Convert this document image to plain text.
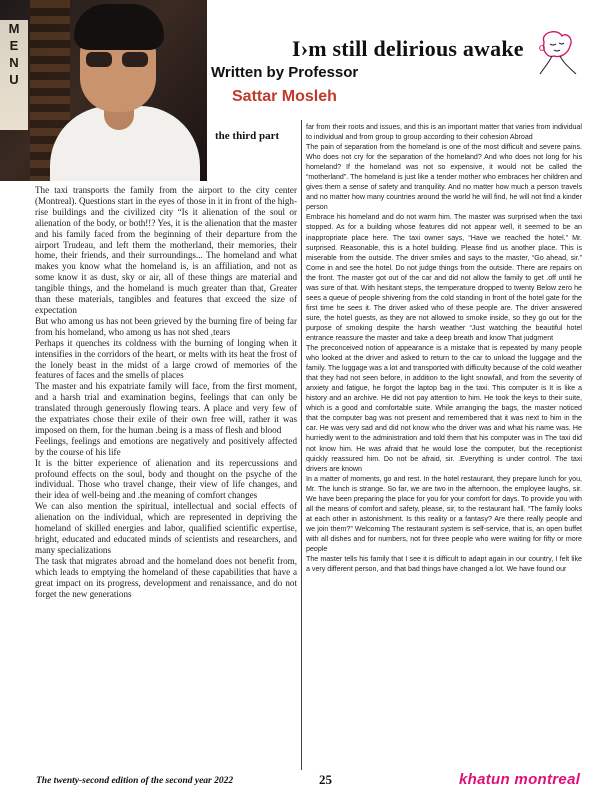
M
E
N
U
I›m still delirious awake
Written by Professor
Sattar Mosleh
the third part

The taxi transports the family from the airport to the city center (Montreal). Questions start in the eyes of those in it in front of the high-rise buildings and the civilized city “Is it alienation of the soul or alienation of the body, or both!!? Yes, it is the alienation that the master and his family faced from the beginning of their departure from the airport Trudeau, and left them the motherland, their memories, their home, their friends, and their surroundings... The homeland and what makes you know what the homeland is, is an affiliation, and not as some know it as dust, sky or air, all of these things are material and tangible things, and the homeland is much greater than that, Greater than these materials, tangibles and features that exceed the size of expectation

But who among us has not been grieved by the burning fire of being far from his homeland, who among us has not shed ,tears

Perhaps it quenches its coldness with the burning of longing when it intensifies in the corridors of the heart, or melts with its heat the frost of the lonely beast in the midst of a large crowd of memories of the features of faces and the smells of places

The master and his expatriate family will face, from the first moment, and a harsh trial and examination begins, feelings that can only be translated through generously flowing tears. A place and very few of the expatriates chose their exile of their own free will, rather it was imposed on them, for the human .being is a mass of flesh and blood

Feelings, feelings and emotions are negatively and positively affected by the course of his life

It is the bitter experience of alienation and its repercussions and profound effects on the soul, body and thought on the psyche of the individual. Those who travel change, their view of life changes, and their idea of well-being and .the meaning of comfort changes

We can also mention the spiritual, intellectual and social effects of alienation on the individual, which are represented in depriving the homeland of skilled energies and labor, qualified scientific expertise, bright, educated and educated minds of scientists and researchers, and many specializations

The task that migrates abroad and the homeland does not benefit from, which leads to emptying the homeland of these capabilities that have a great impact on its progress, development and renaissance, and do not forget the new generations

far from their roots and issues, and this is an important matter that varies from individual to individual and from group to group according to their cohesion Abroad

The pain of separation from the homeland is one of the most difficult and severe pains. Who does not cry for the separation of the homeland? And who does not long for his homeland? If the homeland was not so expensive, it would not be called the “motherland”. The homeland is just like a tender mother who embraces her children and gives them a sense of safety and tranquility. And no matter how much a person travels and no matter how many countries around the world he will find, he will not find a kinder person

Embrace his homeland and do not warm him. The master was surprised when the taxi stopped. As for a building whose features did not appear well, it seemed to be an inappropriate place here. The taxi owner says, “Have we reached the hotel.” Mr. surprised. Reasonable, this is a hotel building. Please find us another place. This is miserable from the outside. The driver smiles and says to the master, “Go ahead, sir.” Come in and see the hotel. Do not judge things from the outside. There are repairs on the front. The master got out of the car and did not allow the family to get .off until he was sure of that. With hesitant steps, the temperature dropped to twenty Below zero he sees a queue of people shivering from the cold standing in front of the hotel gate for the first time he sees it. The driver asked who of these people are. The driver answered sure, the hotel guests, as they are not allowed to smoke inside, so they go out for the purpose of smoking despite the harsh weather “Just watching the beautiful hotel entrance reassure the master and take a deep breath and know That judgment

The preconceived notion of appearance is a mistake that is repeated by many people who looked at the driver and asked to return to the car to unload the luggage and the family. The luggage was a lot and transported with difficulty because of the cold weather that they had not seen before, in addition to the light snowfall, and from the severity of anxiety and fatigue, he forgot the laptop bag in the taxi. This computer is It is like a history and an archive. He did not pay attention to him. He took the keys to their suite, which is a good and comfortable suite. While arranging the bags, the master noticed that the computer bag was not present and remembered that it was next to him in the car. He was very sad and did not know who the driver was and what his name was. He hurriedly went to the administration and told them that his computer was in The taxi did not know him. He was afraid that he would lose the computer, but the receptionist quickly reassured him. Do not be afraid, sir. .Everything is under control. The taxi drivers are known

In a matter of moments, go and rest. In the hotel restaurant, they prepare lunch for you, Mr. The lunch is strange. So far, we are two in the afternoon, the employee laughs, sir. We have been preparing the place for you for your comfort for days. To provide you with all the means of comfort and safety, please, sir, to the restaurant hall. “The family looks at each other in astonishment. Is this reality or a fantasy? Are there really people and we join them?” Welcoming The restaurant system is self-service, that is, an open buffet with all dishes and for numbers, not for three people who were waiting for fifty or more people

The master tells his family that I see it is difficult to adapt again in our country, I felt like a very different person, and that bad things have changed a lot. We have found our

The twenty-second edition of the second year 2022	25	khatun montreal
